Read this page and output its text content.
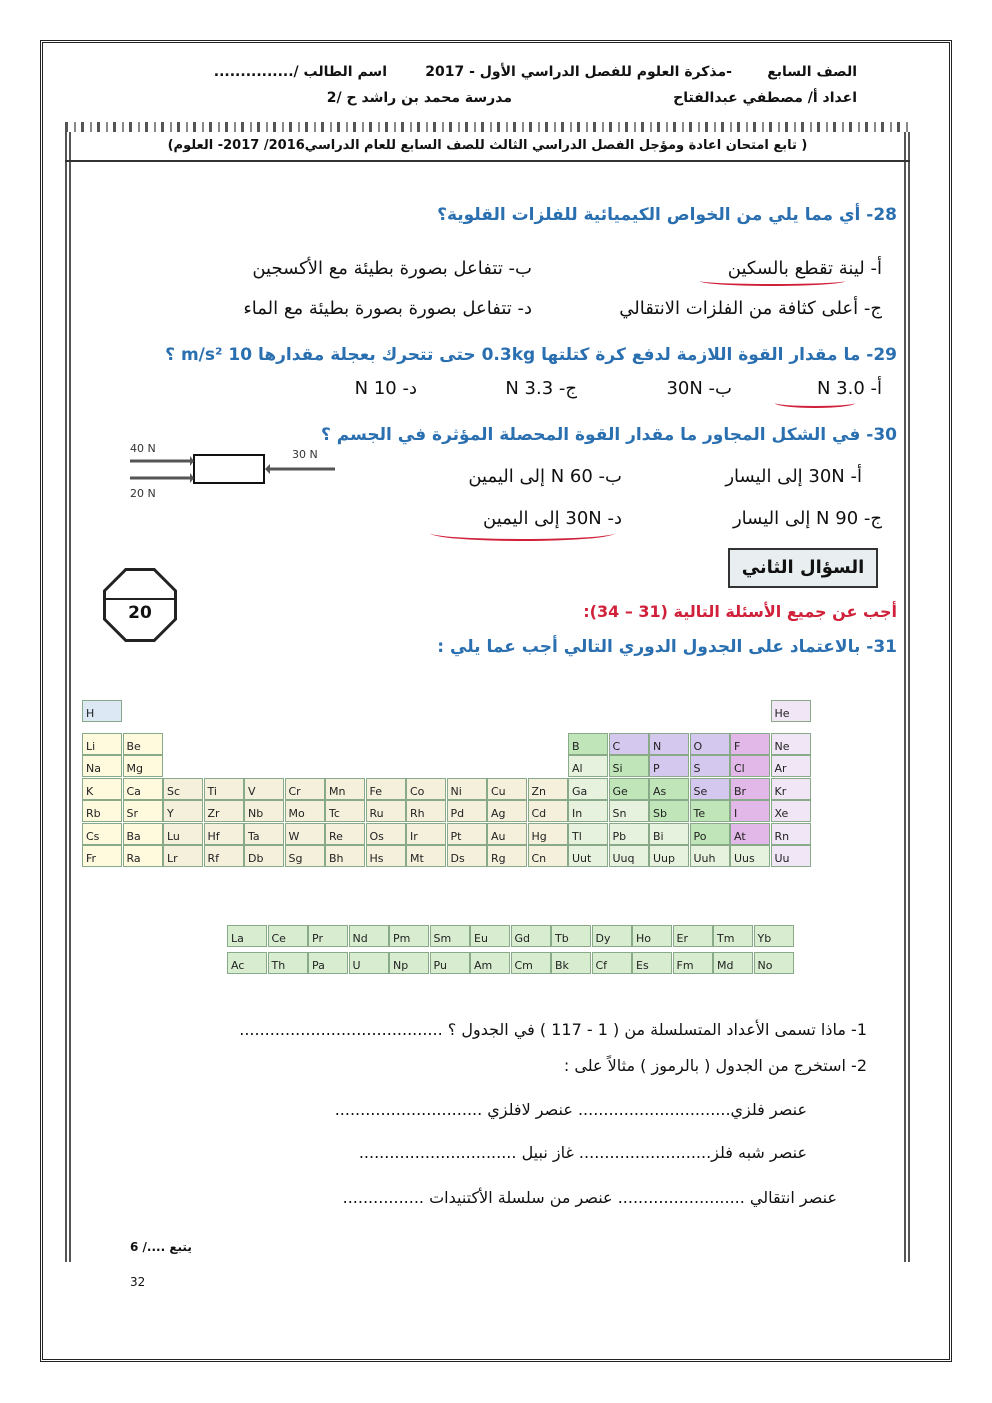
الصف السابع
-مذكرة العلوم للفصل الدراسي الأول - 2017
اسم الطالب /...............
اعداد أ/ مصطفي عبدالفتاح
مدرسة محمد بن راشد ح /2
( تابع امتحان اعادة ومؤجل الفصل الدراسي الثالث للصف السابع للعام الدراسي2016/ 2017- العلوم)
28- أي مما يلي من الخواص الكيميائية للفلزات القلوية؟
أ- لينة تقطع بالسكين
ب- تتفاعل بصورة بطيئة مع الأكسجين
ج- أعلى كثافة من الفلزات الانتقالي
د- تتفاعل بصورة بصورة بطيئة مع الماء
29- ما مقدار القوة اللازمة لدفع كرة كتلتها 0.3kg حتى تتحرك بعجلة مقدارها 10 m/s² ؟
أ- 3.0 N
ب- 30N
ج- 3.3 N
د- 10 N
30- في الشكل المجاور ما مقدار القوة المحصلة المؤثرة في الجسم ؟
أ- 30N إلى اليسار
ب- 60 N إلى اليمين
ج- 90 N إلى اليسار
د- 30N إلى اليمين
40 N
20 N
30 N
السؤال الثاني
20	أجب عن جميع الأسئلة التالية (31 – 34):
31- بالاعتماد على الجدول الدوري التالي أجب عما يلي :
H	He
Li	Be	B	C	N	O	F	Ne
Na	Mg	Al	Si	P	S	Cl	Ar
K	Ca	Sc	Ti	V	Cr	Mn	Fe	Co	Ni	Cu	Zn	Ga	Ge	As	Se	Br	Kr
Rb	Sr	Y	Zr	Nb	Mo	Tc	Ru	Rh	Pd	Ag	Cd	In	Sn	Sb	Te	I	Xe
Cs	Ba	Lu	Hf	Ta	W	Re	Os	Ir	Pt	Au	Hg	Tl	Pb	Bi	Po	At	Rn
Fr	Ra	Lr	Rf	Db	Sg	Bh	Hs	Mt	Ds	Rg	Cn	Uut	Uuq	Uup	Uuh	Uus	Uu
La	Ce	Pr	Nd	Pm	Sm	Eu	Gd	Tb	Dy	Ho	Er	Tm	Yb
Ac	Th	Pa	U	Np	Pu	Am	Cm	Bk	Cf	Es	Fm	Md	No
1- ماذا تسمى الأعداد المتسلسلة من ( 1 - 117 ) في الجدول ؟ ........................................
2- استخرج من الجدول ( بالرموز ) مثالاً على :
عنصر فلزي.............................. عنصر لافلزي .............................
عنصر شبه فلز.......................... غاز نبيل ...............................
عنصر انتقالي ......................... عنصر من سلسلة الأكتنيدات ................
يتبع ..../ 6
32
